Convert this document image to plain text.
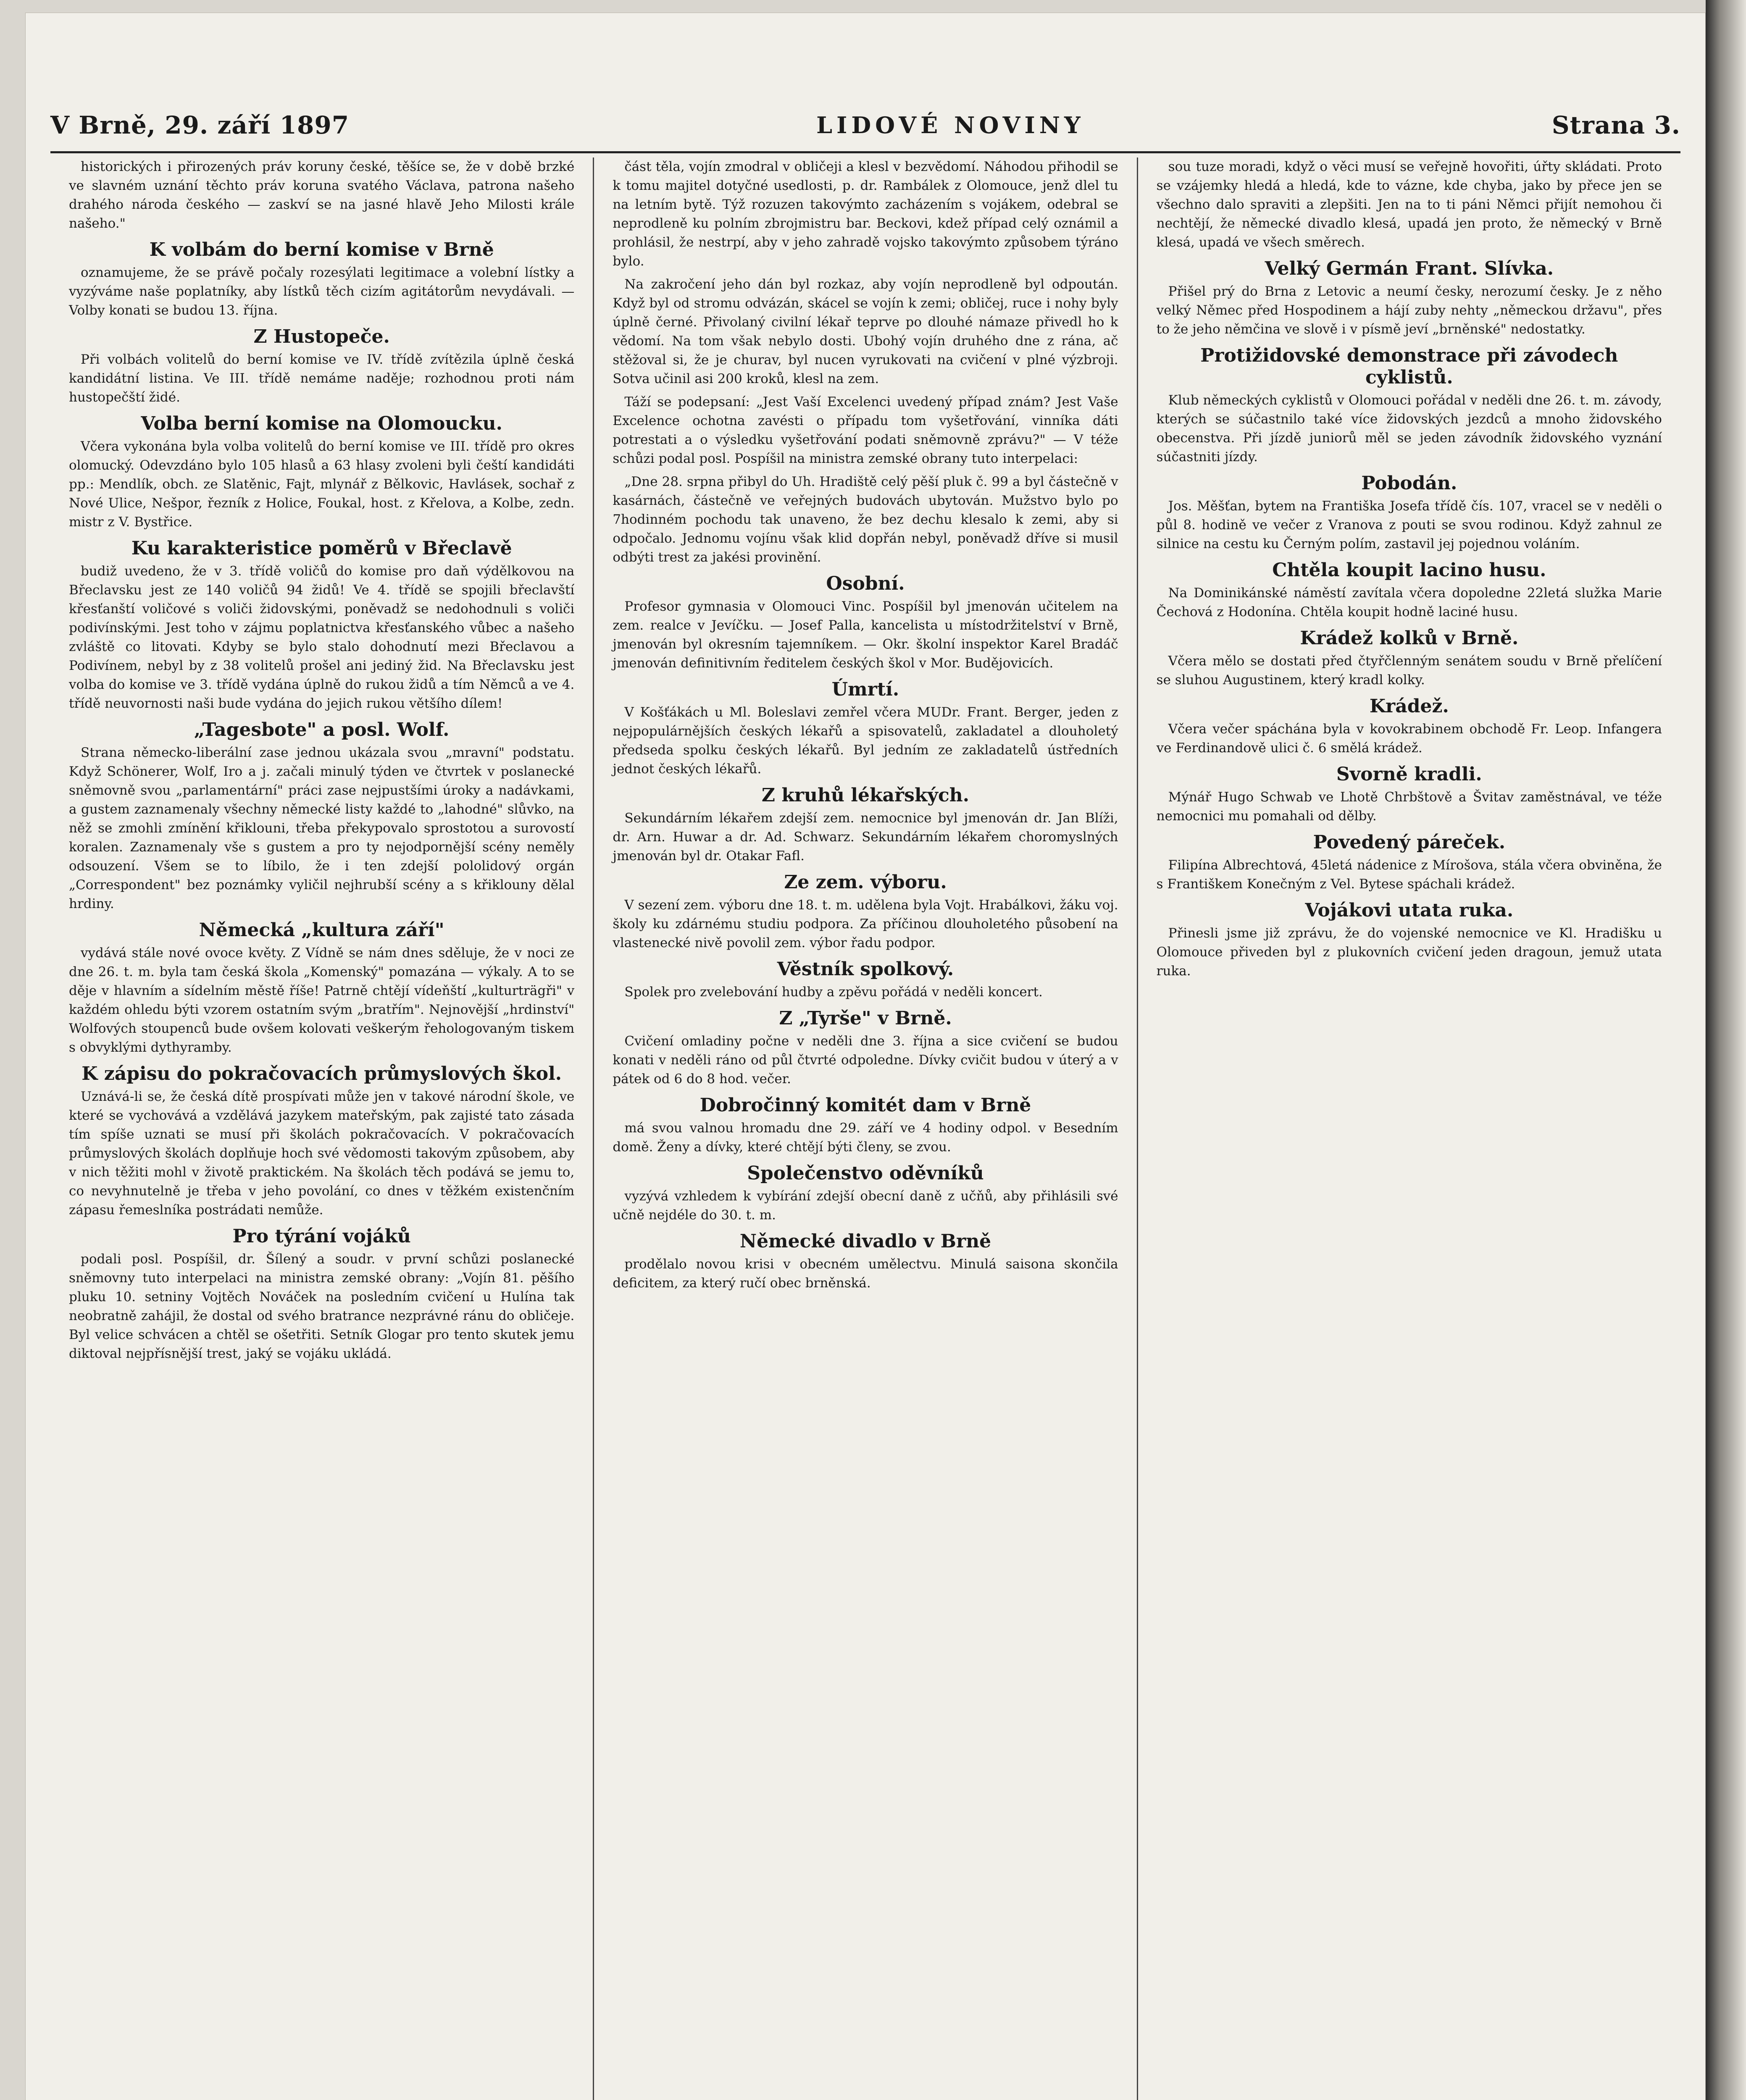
V Brně, 29. září 1897	LIDOVÉ NOVINY	Strana 3.

historických i přirozených práv koruny české, těšíce se, že v době brzké ve slavném uznání těchto práv koruna svatého Václava, patrona našeho drahého národa českého — zaskví se na jasné hlavě Jeho Milosti krále našeho."

K volbám do berní komise v Brně

oznamujeme, že se právě počaly rozesýlati legitimace a volební lístky a vyzýváme naše poplatníky, aby lístků těch cizím agitátorům nevydávali. — Volby konati se budou 13. října.

Z Hustopeče.

Při volbách volitelů do berní komise ve IV. třídě zvítězila úplně česká kandidátní listina. Ve III. třídě nemáme naděje; rozhodnou proti nám hustopečští židé.

Volba berní komise na Olomoucku.

Včera vykonána byla volba volitelů do berní komise ve III. třídě pro okres olomucký. Odevzdáno bylo 105 hlasů a 63 hlasy zvoleni byli čeští kandidáti pp.: Mendlík, obch. ze Slatěnic, Fajt, mlynář z Bělkovic, Havlásek, sochař z Nové Ulice, Nešpor, řezník z Holice, Foukal, host. z Křelova, a Kolbe, zedn. mistr z V. Bystřice.

Ku karakteristice poměrů v Břeclavě

budiž uvedeno, že v 3. třídě voličů do komise pro daň výdělkovou na Břeclavsku jest ze 140 voličů 94 židů! Ve 4. třídě se spojili břeclavští křesťanští voličové s voliči židovskými, poněvadž se nedohodnuli s voliči podivínskými. Jest toho v zájmu poplatnictva křesťanského vůbec a našeho zvláště co litovati. Kdyby se bylo stalo dohodnutí mezi Břeclavou a Podivínem, nebyl by z 38 volitelů prošel ani jediný žid. Na Břeclavsku jest volba do komise ve 3. třídě vydána úplně do rukou židů a tím Němců a ve 4. třídě neuvornosti naši bude vydána do jejich rukou většího dílem!

„Tagesbote" a posl. Wolf.

Strana německo-liberální zase jednou ukázala svou „mravní" podstatu. Když Schönerer, Wolf, Iro a j. začali minulý týden ve čtvrtek v poslanecké sněmovně svou „parlamentární" práci zase nejpustšími úroky a nadávkami, a gustem zaznamenaly všechny německé listy každé to „lahodné" slůvko, na něž se zmohli zmínění křiklouni, třeba překypovalo sprostotou a surovostí koralen. Zaznamenaly vše s gustem a pro ty nejodpornější scény neměly odsouzení. Všem se to líbilo, že i ten zdejší pololidový orgán „Correspondent" bez poznámky vyličil nejhrubší scény a s křiklouny dělal hrdiny.

Německá „kultura září"

vydává stále nové ovoce květy. Z Vídně se nám dnes sděluje, že v noci ze dne 26. t. m. byla tam česká škola „Komenský" pomazána — výkaly. A to se děje v hlavním a sídelním městě říše! Patrně chtějí vídeňští „kulturträgři" v každém ohledu býti vzorem ostatním svým „bratřím". Nejnovější „hrdinství" Wolfových stoupenců bude ovšem kolovati veškerým řehologovaným tiskem s obvyklými dythyramby.

K zápisu do pokračovacích průmyslových škol.

Uznává-li se, že česká dítě prospívati může jen v takové národní škole, ve které se vychovává a vzdělává jazykem mateřským, pak zajisté tato zásada tím spíše uznati se musí při školách pokračovacích. V pokračovacích průmyslových školách doplňuje hoch své vědomosti takovým způsobem, aby v nich těžiti mohl v životě praktickém. Na školách těch podává se jemu to, co nevyhnutelně je třeba v jeho povolání, co dnes v těžkém existenčním zápasu řemeslníka postrádati nemůže.

Pro týrání vojáků

podali posl. Pospíšil, dr. Šílený a soudr. v první schůzi poslanecké sněmovny tuto interpelaci na ministra zemské obrany: „Vojín 81. pěšího pluku 10. setniny Vojtěch Nováček na posledním cvičení u Hulína tak neobratně zahájil, že dostal od svého bratrance nezprávné ránu do obličeje. Byl velice schvácen a chtěl se ošetřiti. Setník Glogar pro tento skutek jemu diktoval nejpřísnější trest, jaký se vojáku ukládá.

část těla, vojín zmodral v obličeji a klesl v bezvědomí. Náhodou přihodil se k tomu majitel dotyčné usedlosti, p. dr. Rambálek z Olomouce, jenž dlel tu na letním bytě. Týž rozuzen takovýmto zacházením s vojákem, odebral se neprodleně ku polním zbrojmistru bar. Beckovi, kdež případ celý oznámil a prohlásil, že nestrpí, aby v jeho zahradě vojsko takovýmto způsobem týráno bylo.

Na zakročení jeho dán byl rozkaz, aby vojín neprodleně byl odpoután. Když byl od stromu odvázán, skácel se vojín k zemi; obličej, ruce i nohy byly úplně černé. Přivolaný civilní lékař teprve po dlouhé námaze přivedl ho k vědomí. Na tom však nebylo dosti. Ubohý vojín druhého dne z rána, ač stěžoval si, že je churav, byl nucen vyrukovati na cvičení v plné výzbroji. Sotva učinil asi 200 kroků, klesl na zem.

Táží se podepsaní: „Jest Vaší Excelenci uvedený případ znám? Jest Vaše Excelence ochotna zavésti o případu tom vyšetřování, vinníka dáti potrestati a o výsledku vyšetřování podati sněmovně zprávu?" — V téže schůzi podal posl. Pospíšil na ministra zemské obrany tuto interpelaci:

„Dne 28. srpna přibyl do Uh. Hradiště celý pěší pluk č. 99 a byl částečně v kasárnách, částečně ve veřejných budovách ubytován. Mužstvo bylo po 7hodinném pochodu tak unaveno, že bez dechu klesalo k zemi, aby si odpočalo. Jednomu vojínu však klid dopřán nebyl, poněvadž dříve si musil odbýti trest za jakési provinění.

Osobní.

Profesor gymnasia v Olomouci Vinc. Pospíšil byl jmenován učitelem na zem. realce v Jevíčku. — Josef Palla, kancelista u místodržitelství v Brně, jmenován byl okresním tajemníkem. — Okr. školní inspektor Karel Bradáč jmenován definitivním ředitelem českých škol v Mor. Budějovicích.

Úmrtí.

V Košťákách u Ml. Boleslavi zemřel včera MUDr. Frant. Berger, jeden z nejpopulárnějších českých lékařů a spisovatelů, zakladatel a dlouholetý předseda spolku českých lékařů. Byl jedním ze zakladatelů ústředních jednot českých lékařů.

Z kruhů lékařských.

Sekundárním lékařem zdejší zem. nemocnice byl jmenován dr. Jan Blíži, dr. Arn. Huwar a dr. Ad. Schwarz. Sekundárním lékařem choromyslných jmenován byl dr. Otakar Fafl.

Ze zem. výboru.

V sezení zem. výboru dne 18. t. m. udělena byla Vojt. Hrabálkovi, žáku voj. školy ku zdárnému studiu podpora. Za příčinou dlouholetého působení na vlastenecké nivě povolil zem. výbor řadu podpor.

Věstník spolkový.

Spolek pro zvelebování hudby a zpěvu pořádá v neděli koncert.

Z „Tyrše" v Brně.

Cvičení omladiny počne v neděli dne 3. října a sice cvičení se budou konati v neděli ráno od půl čtvrté odpoledne. Dívky cvičit budou v úterý a v pátek od 6 do 8 hod. večer.

Dobročinný komitét dam v Brně

má svou valnou hromadu dne 29. září ve 4 hodiny odpol. v Besedním domě. Ženy a dívky, které chtějí býti členy, se zvou.

Společenstvo oděvníků

vyzývá vzhledem k vybírání zdejší obecní daně z učňů, aby přihlásili své učně nejdéle do 30. t. m.

Německé divadlo v Brně

prodělalo novou krisi v obecném umělectvu. Minulá saisona skončila deficitem, za který ručí obec brněnská.

sou tuze moradi, když o věci musí se veřejně hovořiti, úřty skládati. Proto se vzájemky hledá a hledá, kde to vázne, kde chyba, jako by přece jen se všechno dalo spraviti a zlepšiti. Jen na to ti páni Němci přijít nemohou či nechtějí, že německé divadlo klesá, upadá jen proto, že německý v Brně klesá, upadá ve všech směrech.

Velký Germán Frant. Slívka.

Přišel prý do Brna z Letovic a neumí česky, nerozumí česky. Je z něho velký Němec před Hospodinem a hájí zuby nehty „německou državu", přes to že jeho němčina ve slově i v písmě jeví „brněnské" nedostatky.

Protižidovské demonstrace při závodech cyklistů.

Klub německých cyklistů v Olomouci pořádal v neděli dne 26. t. m. závody, kterých se súčastnilo také více židovských jezdců a mnoho židovského obecenstva. Při jízdě juniorů měl se jeden závodník židovského vyznání súčastniti jízdy.

Pobodán.

Jos. Měšťan, bytem na Františka Josefa třídě čís. 107, vracel se v neděli o půl 8. hodině ve večer z Vranova z pouti se svou rodinou. Když zahnul ze silnice na cestu ku Černým polím, zastavil jej pojednou voláním.

Chtěla koupit lacino husu.

Na Dominikánské náměstí zavítala včera dopoledne 22letá služka Marie Čechová z Hodonína. Chtěla koupit hodně laciné husu.

Krádež kolků v Brně.

Včera mělo se dostati před čtyřčlenným senátem soudu v Brně přelíčení se sluhou Augustinem, který kradl kolky.

Krádež.

Včera večer spáchána byla v kovokrabinem obchodě Fr. Leop. Infangera ve Ferdinandově ulici č. 6 smělá krádež.

Svorně kradli.

Mýnář Hugo Schwab ve Lhotě Chrbštově a Švitav zaměstnával, ve téže nemocnici mu pomahali od dělby.

Povedený páreček.

Filipína Albrechtová, 45letá nádenice z Mírošova, stála včera obviněna, že s Františkem Konečným z Vel. Bytese spáchali krádež.

Vojákovi utata ruka.

Přinesli jsme již zprávu, že do vojenské nemocnice ve Kl. Hradišku u Olomouce přiveden byl z plukovních cvičení jeden dragoun, jemuž utata ruka.
